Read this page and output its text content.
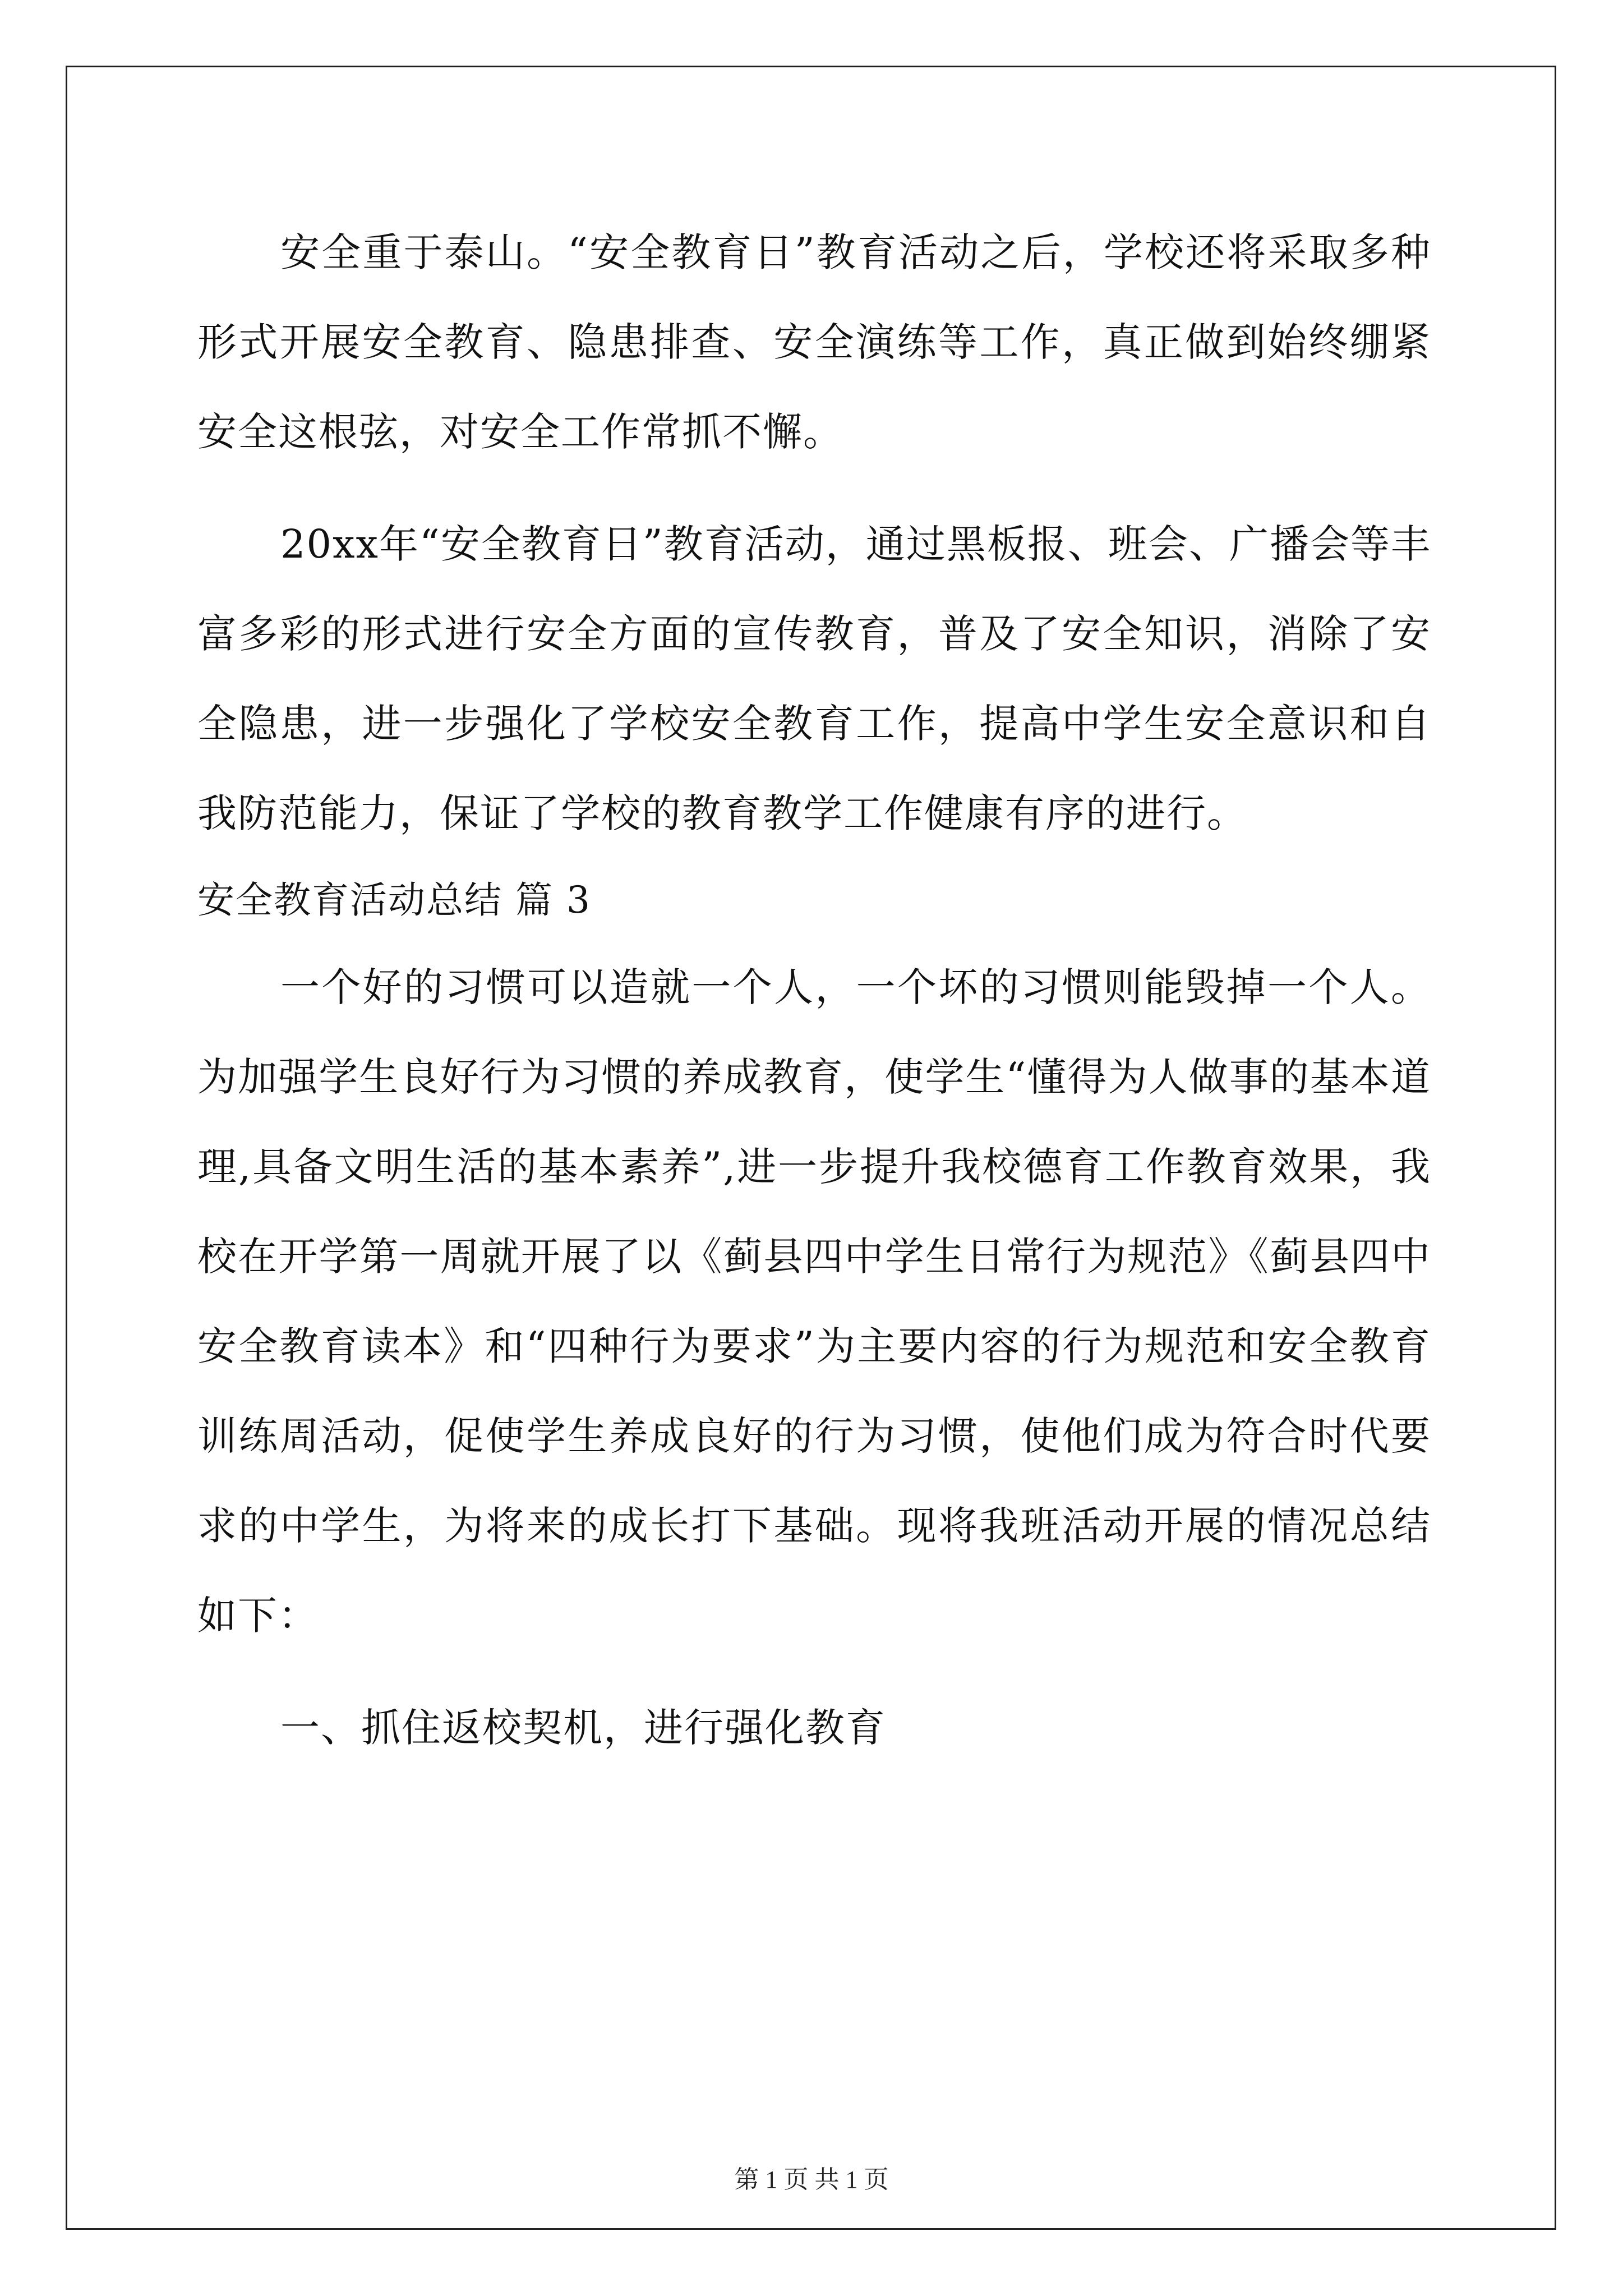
安全重于泰山。“安全教育日”教育活动之后，学校还将采取多种形式开展安全教育、隐患排查、安全演练等工作，真正做到始终绷紧安全这根弦，对安全工作常抓不懈。

20xx年“安全教育日”教育活动，通过黑板报、班会、广播会等丰富多彩的形式进行安全方面的宣传教育，普及了安全知识，消除了安全隐患，进一步强化了学校安全教育工作，提高中学生安全意识和自我防范能力，保证了学校的教育教学工作健康有序的进行。

安全教育活动总结 篇 3

一个好的习惯可以造就一个人，一个坏的习惯则能毁掉一个人。为加强学生良好行为习惯的养成教育，使学生“懂得为人做事的基本道理,具备文明生活的基本素养”,进一步提升我校德育工作教育效果，我校在开学第一周就开展了以《蓟县四中学生日常行为规范》《蓟县四中安全教育读本》和“四种行为要求”为主要内容的行为规范和安全教育训练周活动，促使学生养成良好的行为习惯，使他们成为符合时代要求的中学生，为将来的成长打下基础。现将我班活动开展的情况总结如下：

一、抓住返校契机，进行强化教育

第 1 页 共 1 页
